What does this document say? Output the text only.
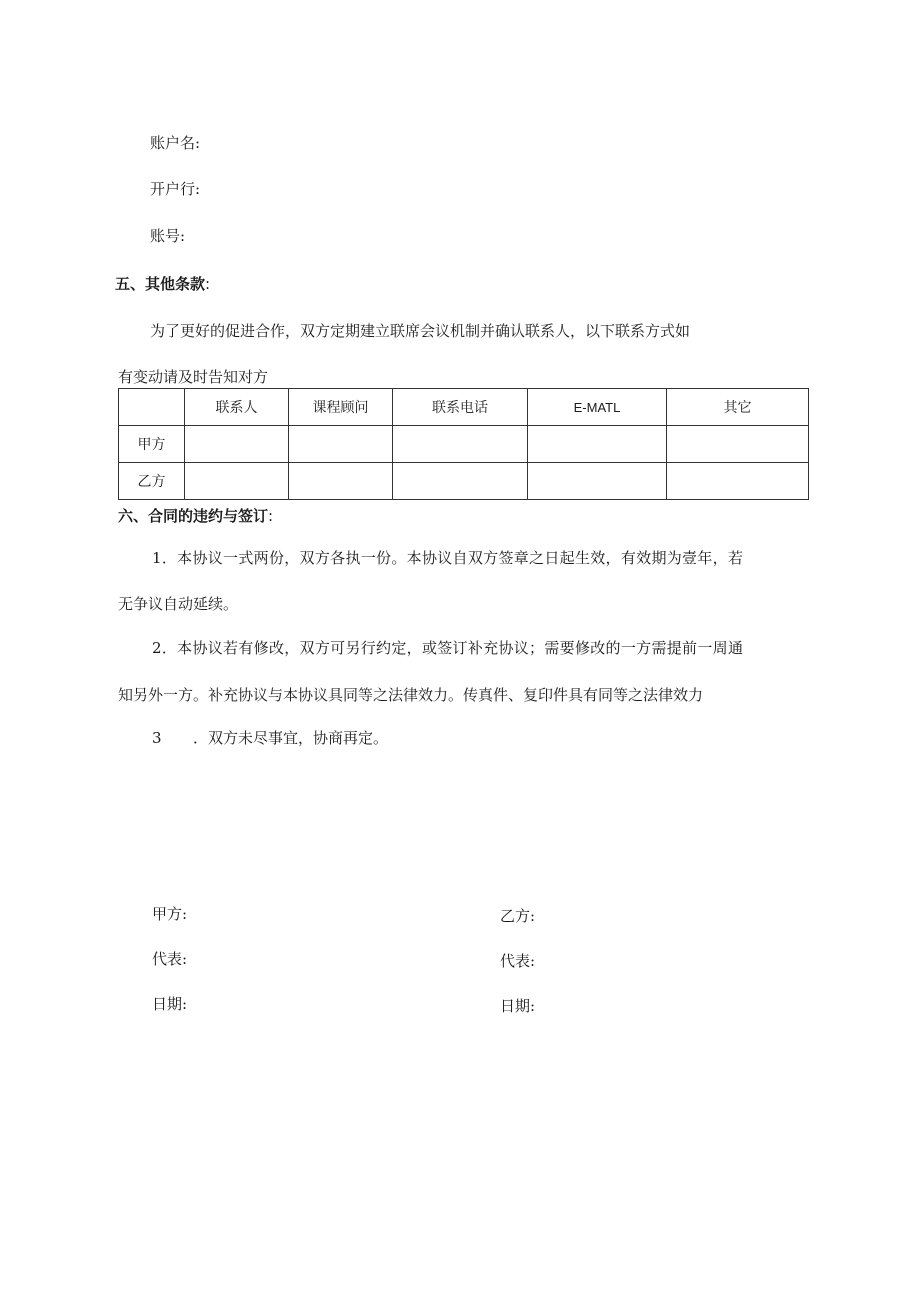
账户名:
开户行:
账号:
五、其他条款:
为了更好的促进合作，双方定期建立联席会议机制并确认联系人，以下联系方式如
有变动请及时告知对方
	联系人	课程顾问	联系电话	E-MATL	其它
甲方					
乙方					
六、合同的违约与签订:
1．本协议一式两份，双方各执一份。本协议自双方签章之日起生效，有效期为壹年，若
无争议自动延续。
2．本协议若有修改，双方可另行约定，或签订补充协议；需要修改的一方需提前一周通
知另外一方。补充协议与本协议具同等之法律效力。传真件、复印件具有同等之法律效力
3 ．双方未尽事宜，协商再定。
甲方:
代表:
日期:
乙方:
代表:
日期:
